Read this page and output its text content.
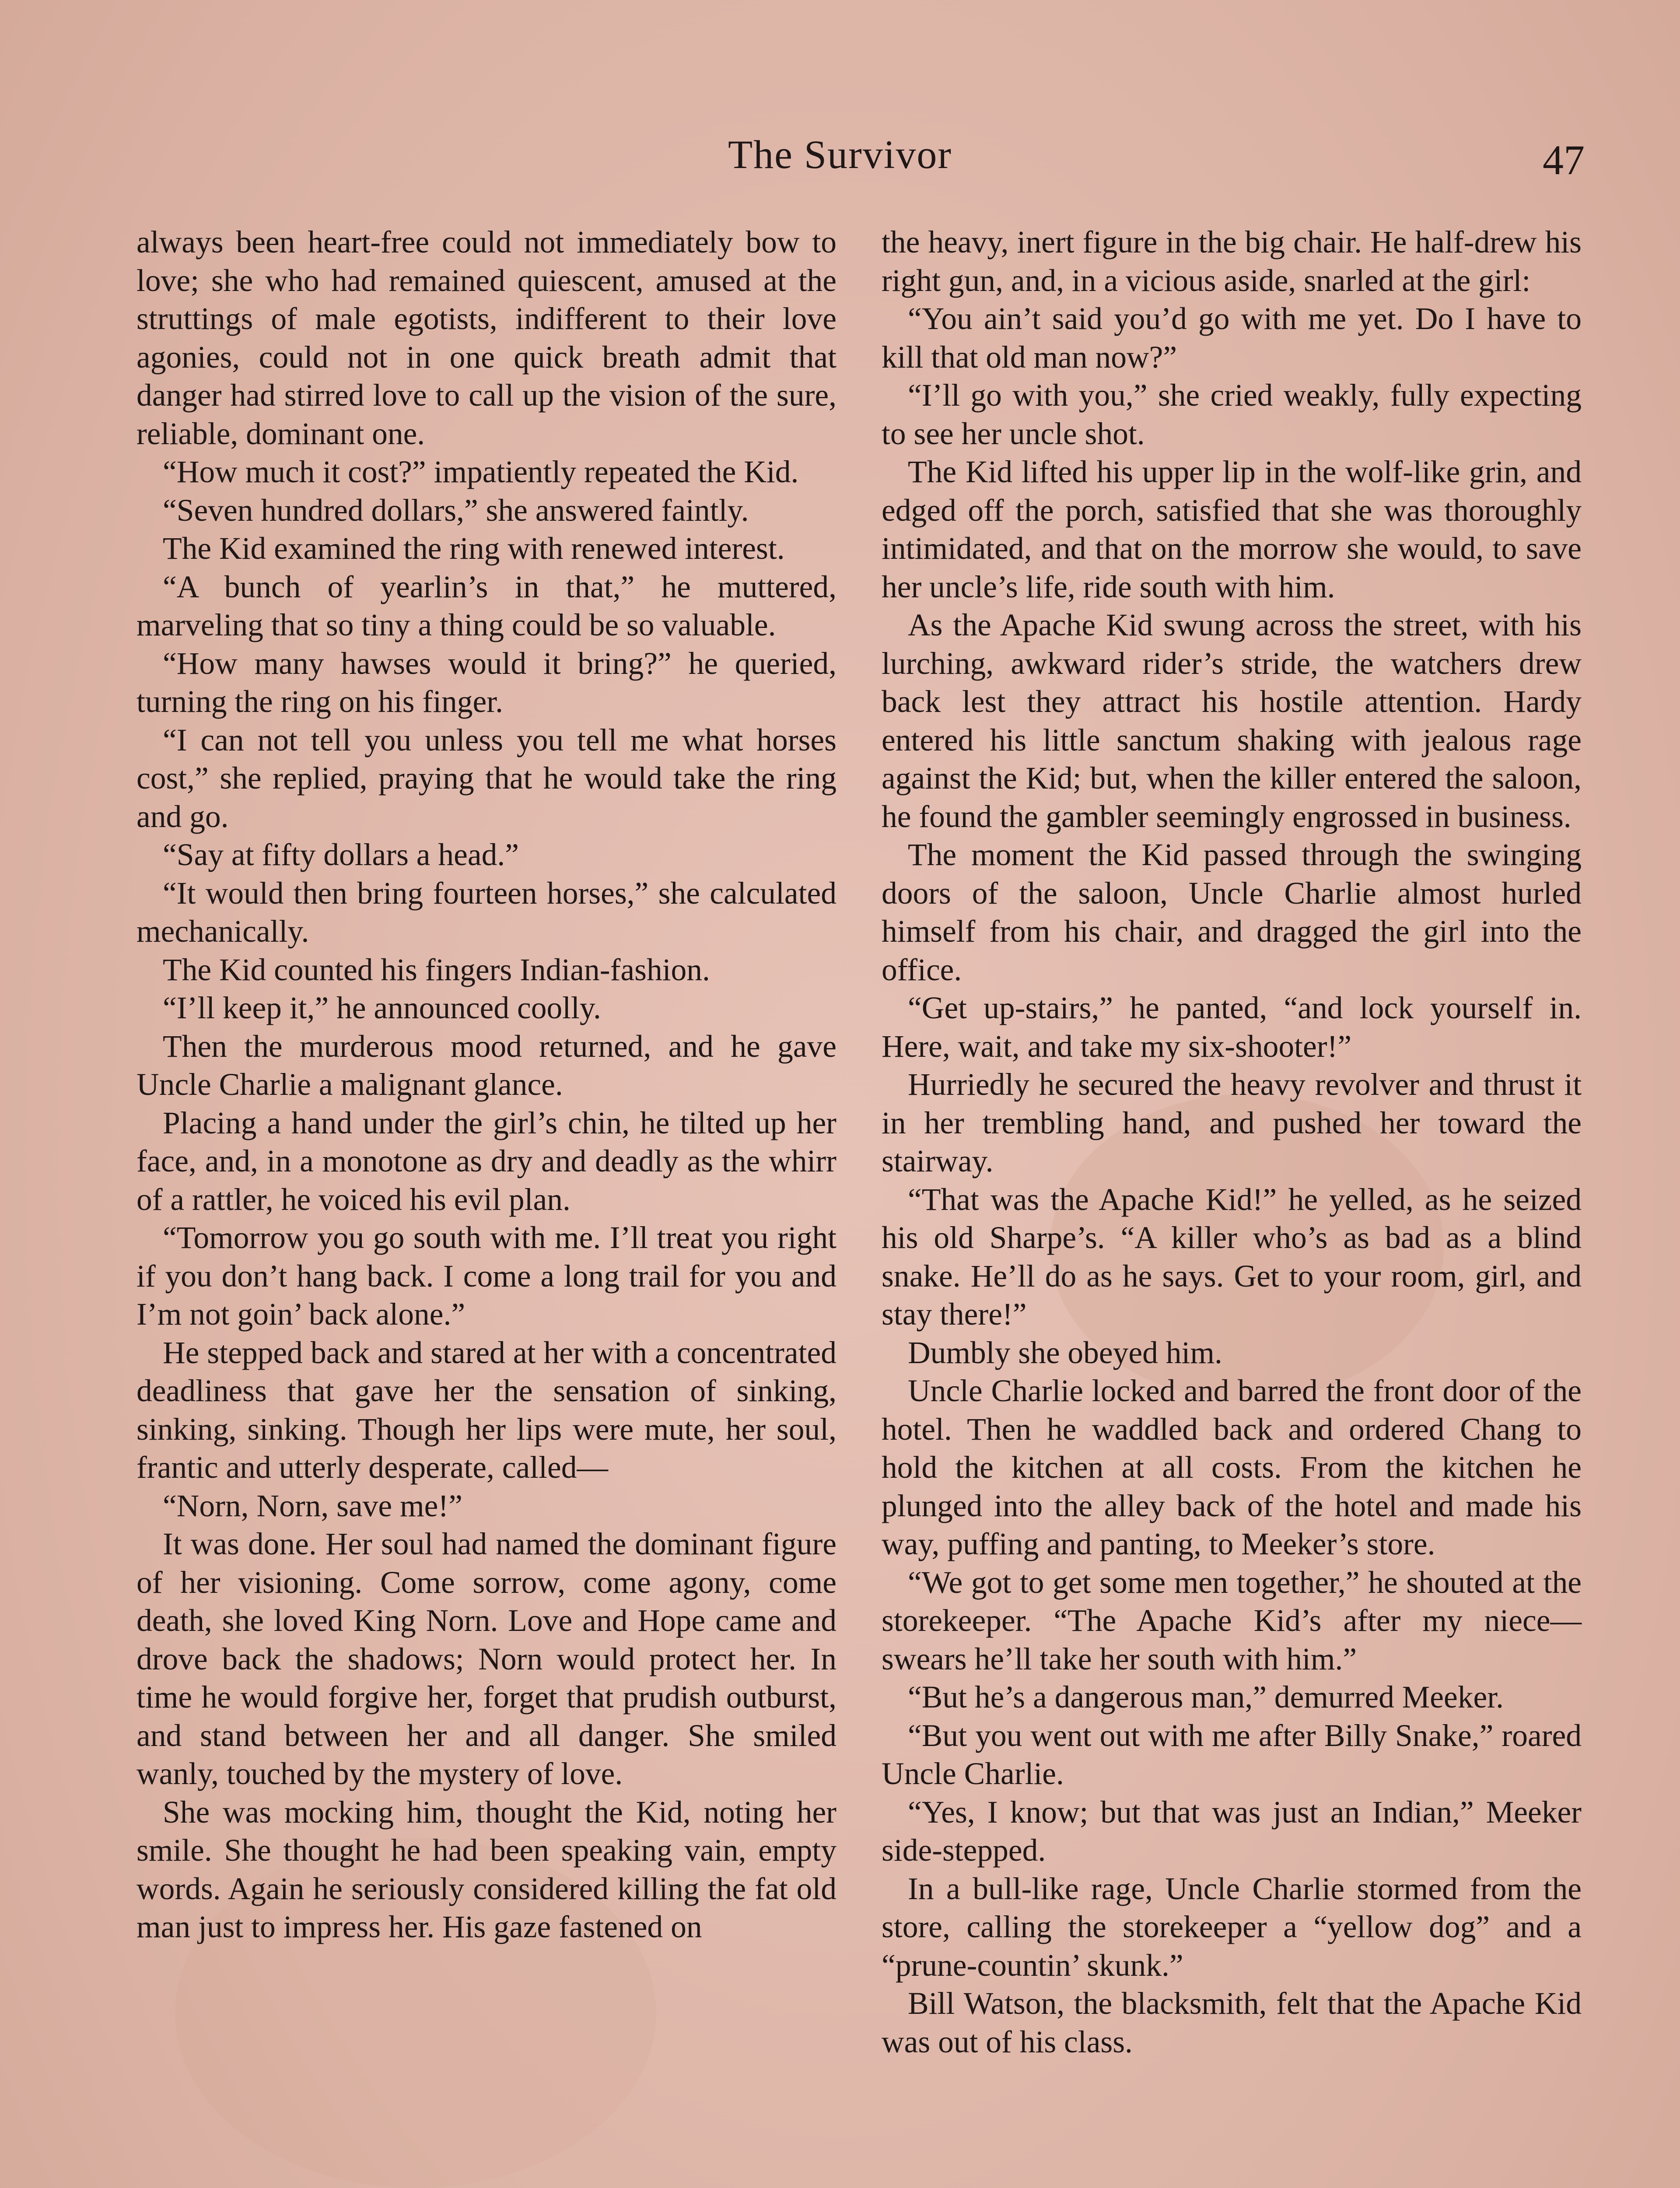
The Survivor	47

always been heart-free could not immediately bow to love; she who had remained quiescent, amused at the struttings of male egotists, indifferent to their love agonies, could not in one quick breath admit that danger had stirred love to call up the vision of the sure, reliable, dominant one.

“How much it cost?” impatiently repeated the Kid.

“Seven hundred dollars,” she answered faintly.

The Kid examined the ring with renewed interest.

“A bunch of yearlin’s in that,” he muttered, marveling that so tiny a thing could be so valuable.

“How many hawses would it bring?” he queried, turning the ring on his finger.

“I can not tell you unless you tell me what horses cost,” she replied, praying that he would take the ring and go.

“Say at fifty dollars a head.”

“It would then bring fourteen horses,” she calculated mechanically.

The Kid counted his fingers Indian-fashion.

“I’ll keep it,” he announced coolly.

Then the murderous mood returned, and he gave Uncle Charlie a malignant glance.

Placing a hand under the girl’s chin, he tilted up her face, and, in a monotone as dry and deadly as the whirr of a rattler, he voiced his evil plan.

“Tomorrow you go south with me. I’ll treat you right if you don’t hang back. I come a long trail for you and I’m not goin’ back alone.”

He stepped back and stared at her with a concentrated deadliness that gave her the sensation of sinking, sinking, sinking. Though her lips were mute, her soul, frantic and utterly desperate, called—

“Norn, Norn, save me!”

It was done. Her soul had named the dominant figure of her visioning. Come sorrow, come agony, come death, she loved King Norn. Love and Hope came and drove back the shadows; Norn would protect her. In time he would forgive her, forget that prudish outburst, and stand between her and all danger. She smiled wanly, touched by the mystery of love.

She was mocking him, thought the Kid, noting her smile. She thought he had been speaking vain, empty words. Again he seriously considered killing the fat old man just to impress her. His gaze fastened on

the heavy, inert figure in the big chair. He half-drew his right gun, and, in a vicious aside, snarled at the girl:

“You ain’t said you’d go with me yet. Do I have to kill that old man now?”

“I’ll go with you,” she cried weakly, fully expecting to see her uncle shot.

The Kid lifted his upper lip in the wolf-like grin, and edged off the porch, satisfied that she was thoroughly intimidated, and that on the morrow she would, to save her uncle’s life, ride south with him.

As the Apache Kid swung across the street, with his lurching, awkward rider’s stride, the watchers drew back lest they attract his hostile attention. Hardy entered his little sanctum shaking with jealous rage against the Kid; but, when the killer entered the saloon, he found the gambler seemingly engrossed in business.

The moment the Kid passed through the swinging doors of the saloon, Uncle Charlie almost hurled himself from his chair, and dragged the girl into the office.

“Get up-stairs,” he panted, “and lock yourself in. Here, wait, and take my six-shooter!”

Hurriedly he secured the heavy revolver and thrust it in her trembling hand, and pushed her toward the stairway.

“That was the Apache Kid!” he yelled, as he seized his old Sharpe’s. “A killer who’s as bad as a blind snake. He’ll do as he says. Get to your room, girl, and stay there!”

Dumbly she obeyed him.

Uncle Charlie locked and barred the front door of the hotel. Then he waddled back and ordered Chang to hold the kitchen at all costs. From the kitchen he plunged into the alley back of the hotel and made his way, puffing and panting, to Meeker’s store.

“We got to get some men together,” he shouted at the storekeeper. “The Apache Kid’s after my niece—swears he’ll take her south with him.”

“But he’s a dangerous man,” demurred Meeker.

“But you went out with me after Billy Snake,” roared Uncle Charlie.

“Yes, I know; but that was just an Indian,” Meeker side-stepped.

In a bull-like rage, Uncle Charlie stormed from the store, calling the storekeeper a “yellow dog” and a “prune-countin’ skunk.”

Bill Watson, the blacksmith, felt that the Apache Kid was out of his class.
